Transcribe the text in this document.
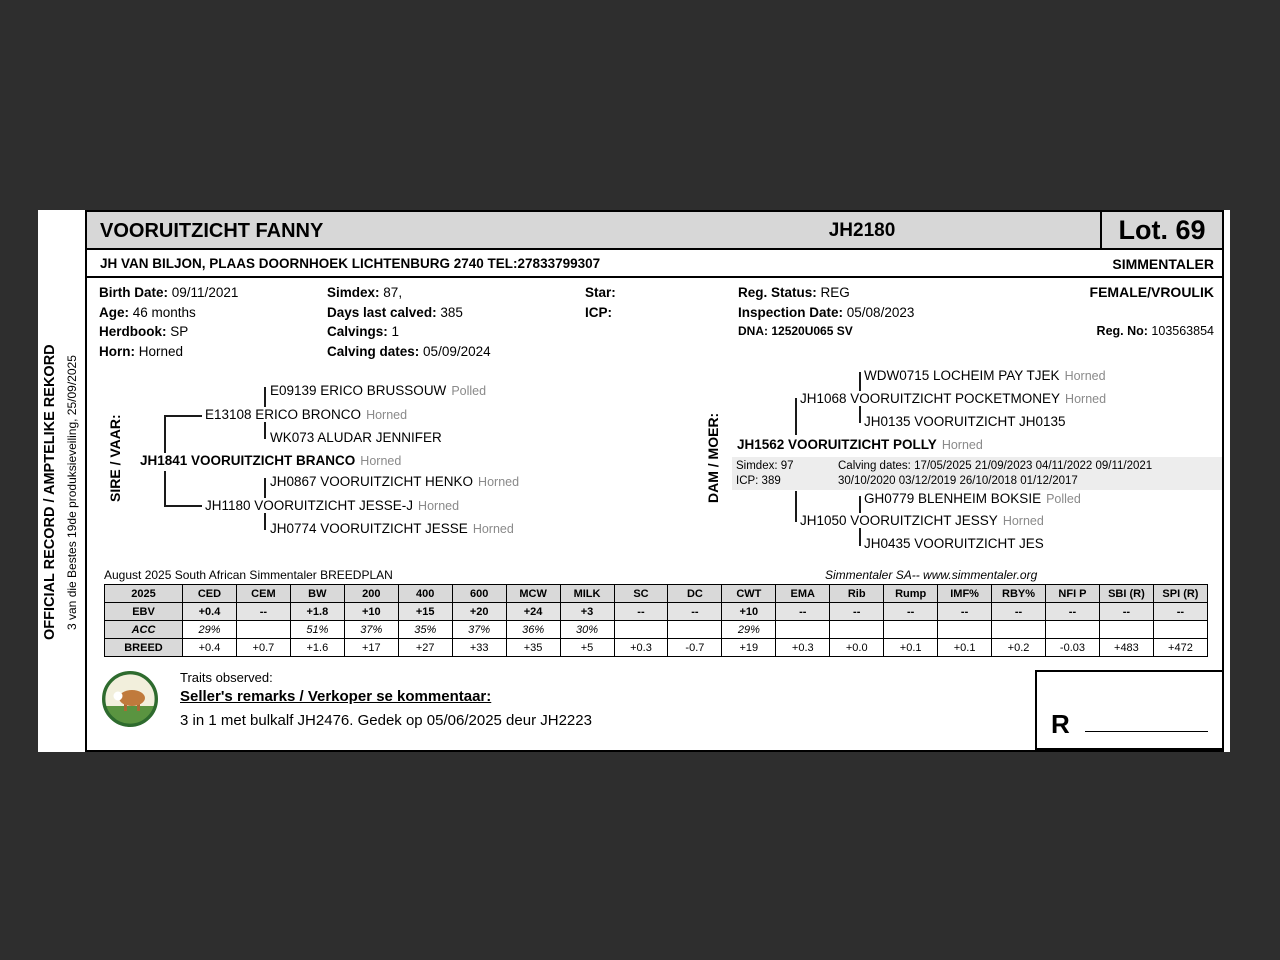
OFFICIAL RECORD / AMPTELIKE REKORD 3 van die Bestes 19de produksieveiling, 25/09/2025
VOORUITZICHT FANNY	JH2180	Lot. 69
JH VAN BILJON, PLAAS DOORNHOEK LICHTENBURG 2740 TEL:27833799307	SIMMENTALER
Birth Date: 09/11/2021
Age: 46 months
Herdbook: SP
Horn: Horned
Simdex: 87,
Days last calved: 385
Calvings: 1
Calving dates: 05/09/2024
Star:
ICP:
Reg. Status: REG
Inspection Date: 05/08/2023
DNA: 12520U065 SV
FEMALE/VROULIK
Reg. No: 103563854
SIRE / VAAR:	DAM / MOER:
E09139 ERICO BRUSSOUW Polled
E13108 ERICO BRONCO Horned
WK073 ALUDAR JENNIFER
JH1841 VOORUITZICHT BRANCO Horned
JH0867 VOORUITZICHT HENKO Horned
JH1180 VOORUITZICHT JESSE-J Horned
JH0774 VOORUITZICHT JESSE Horned
WDW0715 LOCHEIM PAY TJEK Horned
JH1068 VOORUITZICHT POCKETMONEY Horned
JH0135 VOORUITZICHT JH0135
JH1562 VOORUITZICHT POLLY Horned
Simdex: 97
ICP: 389
Calving dates: 17/05/2025 21/09/2023 04/11/2022 09/11/2021
30/10/2020 03/12/2019 26/10/2018 01/12/2017
GH0779 BLENHEIM BOKSIE Polled
JH1050 VOORUITZICHT JESSY Horned
JH0435 VOORUITZICHT JES
August 2025 South African Simmentaler BREEDPLAN	Simmentaler SA-- www.simmentaler.org
2025	CED	CEM	BW	200	400	600	MCW	MILK	SC	DC	CWT	EMA	Rib	Rump	IMF%	RBY%	NFI P	SBI (R)	SPI (R)
EBV	+0.4	--	+1.8	+10	+15	+20	+24	+3	--	--	+10	--	--	--	--	--	--	--	--
ACC	29%		51%	37%	35%	37%	36%	30%			29%								
BREED	+0.4	+0.7	+1.6	+17	+27	+33	+35	+5	+0.3	-0.7	+19	+0.3	+0.0	+0.1	+0.1	+0.2	-0.03	+483	+472
Traits observed:
Seller's remarks / Verkoper se kommentaar:
3 in 1 met bulkalf JH2476. Gedek op 05/06/2025 deur JH2223	R
